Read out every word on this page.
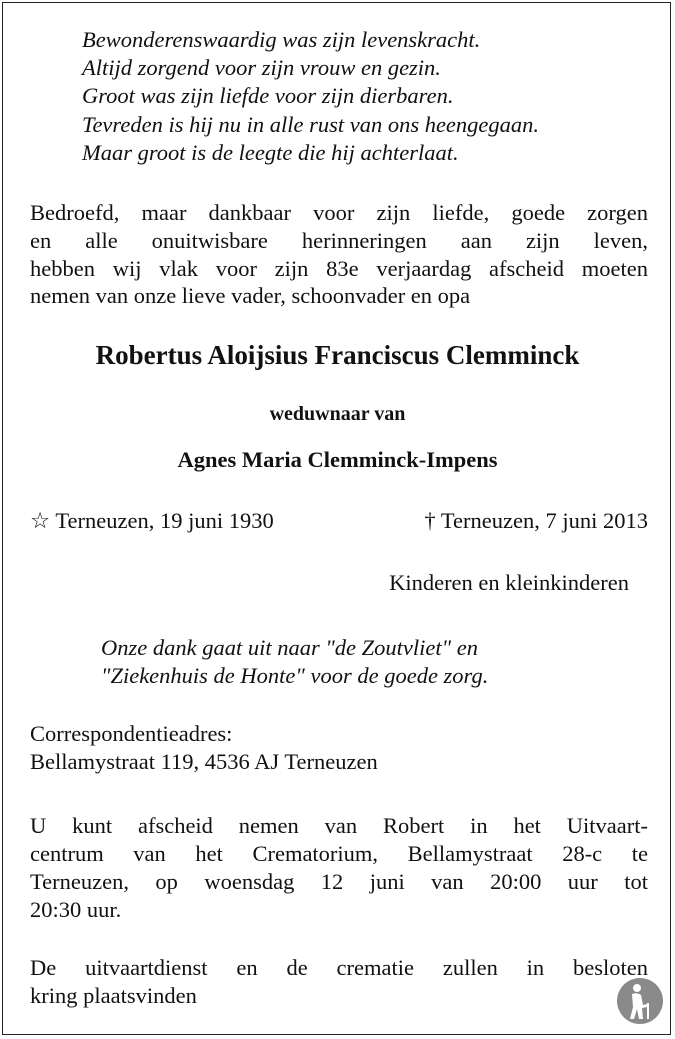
Bewonderenswaardig was zijn levenskracht.
Altijd zorgend voor zijn vrouw en gezin.
Groot was zijn liefde voor zijn dierbaren.
Tevreden is hij nu in alle rust van ons heengegaan.
Maar groot is de leegte die hij achterlaat.
Bedroefd, maar dankbaar voor zijn liefde, goede zorgen
en alle onuitwisbare herinneringen aan zijn leven,
hebben wij vlak voor zijn 83e verjaardag afscheid moeten
nemen van onze lieve vader, schoonvader en opa
Robertus Aloijsius Franciscus Clemminck
weduwnaar van
Agnes Maria Clemminck-Impens
☆ Terneuzen, 19 juni 1930	† Terneuzen, 7 juni 2013
Kinderen en kleinkinderen
Onze dank gaat uit naar "de Zoutvliet" en
"Ziekenhuis de Honte" voor de goede zorg.
Correspondentieadres:
Bellamystraat 119, 4536 AJ Terneuzen
U kunt afscheid nemen van Robert in het Uitvaart-
centrum van het Crematorium, Bellamystraat 28-c te
Terneuzen, op woensdag 12 juni van 20:00 uur tot
20:30 uur.
De uitvaartdienst en de crematie zullen in besloten
kring plaatsvinden
